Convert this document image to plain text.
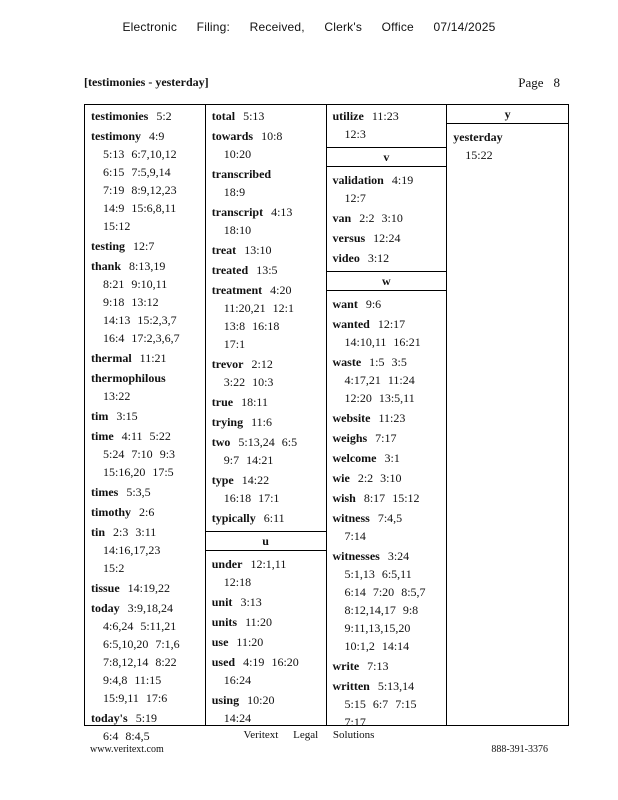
Electronic Filing: Received, Clerk's Office 07/14/2025
[testimonies - yesterday]	Page 8
testimonies 5:2
testimony 4:9
5:13 6:7,10,12
6:15 7:5,9,14
7:19 8:9,12,23
14:9 15:6,8,11
15:12
testing 12:7
thank 8:13,19
8:21 9:10,11
9:18 13:12
14:13 15:2,3,7
16:4 17:2,3,6,7
thermal 11:21
thermophilous
13:22
tim 3:15
time 4:11 5:22
5:24 7:10 9:3
15:16,20 17:5
times 5:3,5
timothy 2:6
tin 2:3 3:11
14:16,17,23
15:2
tissue 14:19,22
today 3:9,18,24
4:6,24 5:11,21
6:5,10,20 7:1,6
7:8,12,14 8:22
9:4,8 11:15
15:9,11 17:6
today's 5:19
6:4 8:4,5
total 5:13
towards 10:8
10:20
transcribed
18:9
transcript 4:13
18:10
treat 13:10
treated 13:5
treatment 4:20
11:20,21 12:1
13:8 16:18
17:1
trevor 2:12
3:22 10:3
true 18:11
trying 11:6
two 5:13,24 6:5
9:7 14:21
type 14:22
16:18 17:1
typically 6:11
u
under 12:1,11
12:18
unit 3:13
units 11:20
use 11:20
used 4:19 16:20
16:24
using 10:20
14:24
utilize 11:23
12:3
v
validation 4:19
12:7
van 2:2 3:10
versus 12:24
video 3:12
w
want 9:6
wanted 12:17
14:10,11 16:21
waste 1:5 3:5
4:17,21 11:24
12:20 13:5,11
website 11:23
weighs 7:17
welcome 3:1
wie 2:2 3:10
wish 8:17 15:12
witness 7:4,5
7:14
witnesses 3:24
5:1,13 6:5,11
6:14 7:20 8:5,7
8:12,14,17 9:8
9:11,13,15,20
10:1,2 14:14
write 7:13
written 5:13,14
5:15 6:7 7:15
7:17
y
yesterday
15:22
Veritext Legal Solutions
www.veritext.com	888-391-3376
